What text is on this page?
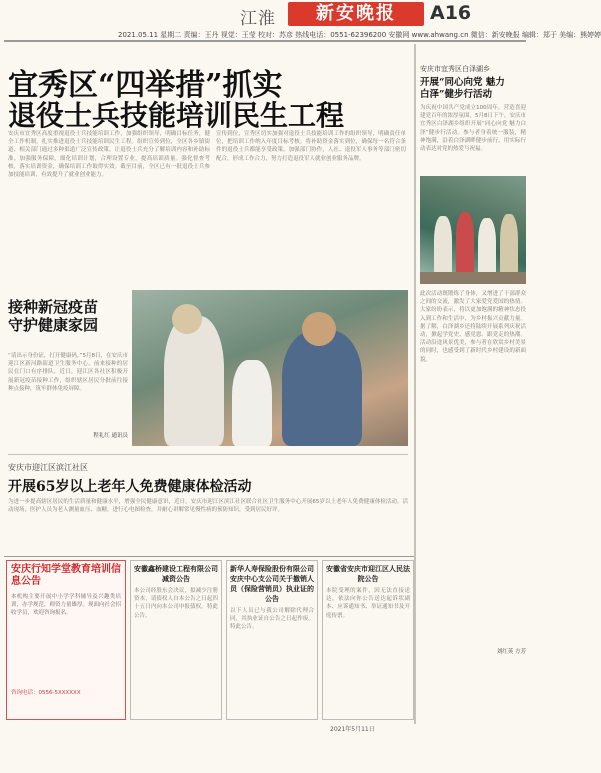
江淮	新安晚报	A16
2021.05.11 星期二 责编：王丹 视觉：王莹 校对：苏彦 热线电话：0551-62396200 安徽网 www.ahwang.cn 微信：新安晚报 编辑：郑于 美编：熊婷婷
宜秀区“四举措”抓实
退役士兵技能培训民生工程
安庆市宜秀区高度重视退役士兵技能培训工作，加强组织领导，明确目标任务，健全工作机制，扎实推进退役士兵技能培训民生工程。组织宣传到位，全区各乡镇街道、相关部门通过多种渠道广泛宣传政策，让退役士兵充分了解培训内容和补助标准。加强服务保障，细化培训计划，合理设置专业，提高培训质量。强化督查考核，落实培训资金，确保培训工作取得实效。截至目前，全区已有一批退役士兵参加技能培训，有效提升了就业创业能力。
宣传到位，宣秀区切实加强对退役士兵技能培训工作的组织领导，明确责任单位，把培训工作纳入年度目标考核。将补助资金落实到位，确保每一名符合条件的退役士兵都能享受政策。加强部门协作，人社、退役军人事务等部门密切配合，形成工作合力，努力打造退役军人就业创业服务品牌。
接种新冠疫苗
守护健康家园
“请出示身份证，打开健康码。”5月8日，在安庆市迎江区新河路街道卫生服务中心，前来接种的居民在门口有序排队。近日，迎江区各社区积极开展新冠疫苗接种工作，组织辖区居民分批前往接种点接种，筑牢群体免疫屏障。
程礼红 通讯员
安庆市迎江区滨江社区
开展65岁以上老年人免费健康体检活动
为进一步提高辖区居民的生活质量和健康水平，增强全民健康意识，近日，安庆市迎江区滨江社区联合社区卫生服务中心开展65岁以上老年人免费健康体检活动。活动现场，医护人员为老人测量血压、血糖，进行心电图检查，并耐心讲解常见慢性病的预防知识，受到居民好评。
安庆市宜秀区白泽湖乡
开展“同心向党 魅力
白泽”健步行活动
为庆祝中国共产党成立100周年，营造喜迎建党百年的浓厚氛围，5月8日下午，安庆市宜秀区白泽湖乡组织开展“同心向党 魅力白泽”健步行活动。参与者身着统一服装，精神饱满，沿着白泽湖畔健步前行，用实际行动表达对党的热爱与祝福。
此次活动既锻炼了身体，又增进了干部群众之间的交流，激发了大家爱党爱国的热情。大家纷纷表示，将以更加饱满的精神状态投入到工作和生活中，为乡村振兴贡献力量。据了解，白泽湖乡还将陆续开展系列庆祝活动，掀起学党史、感党恩、跟党走的热潮。活动沿途风景优美，参与者在欣赏乡村美景的同时，也感受到了新时代乡村建设的新面貌。
刘红英 方芳
安庆行知学堂教育培训信息公告
本机构主要开展中小学学科辅导及兴趣类培训，办学规范，师资力量雄厚。现面向社会招收学员，欢迎咨询报名。
咨询电话：0556-5XXXXXX
安徽鑫桥建设工程有限公司减资公告
本公司经股东会决议，拟减少注册资本，请债权人自本公告之日起四十五日内向本公司申报债权。特此公告。
新华人寿保险股份有限公司安庆中心支公司关于撤销人员（保险营销员）执业证的公告
以下人员已与我公司解除代理合同，其执业证自公告之日起作废。特此公告。
安徽省安庆市迎江区人民法院公告
本院受理的案件，因无法直接送达，依法向你公告送达起诉状副本、应诉通知书、举证通知书及开庭传票。
2021年5月11日
